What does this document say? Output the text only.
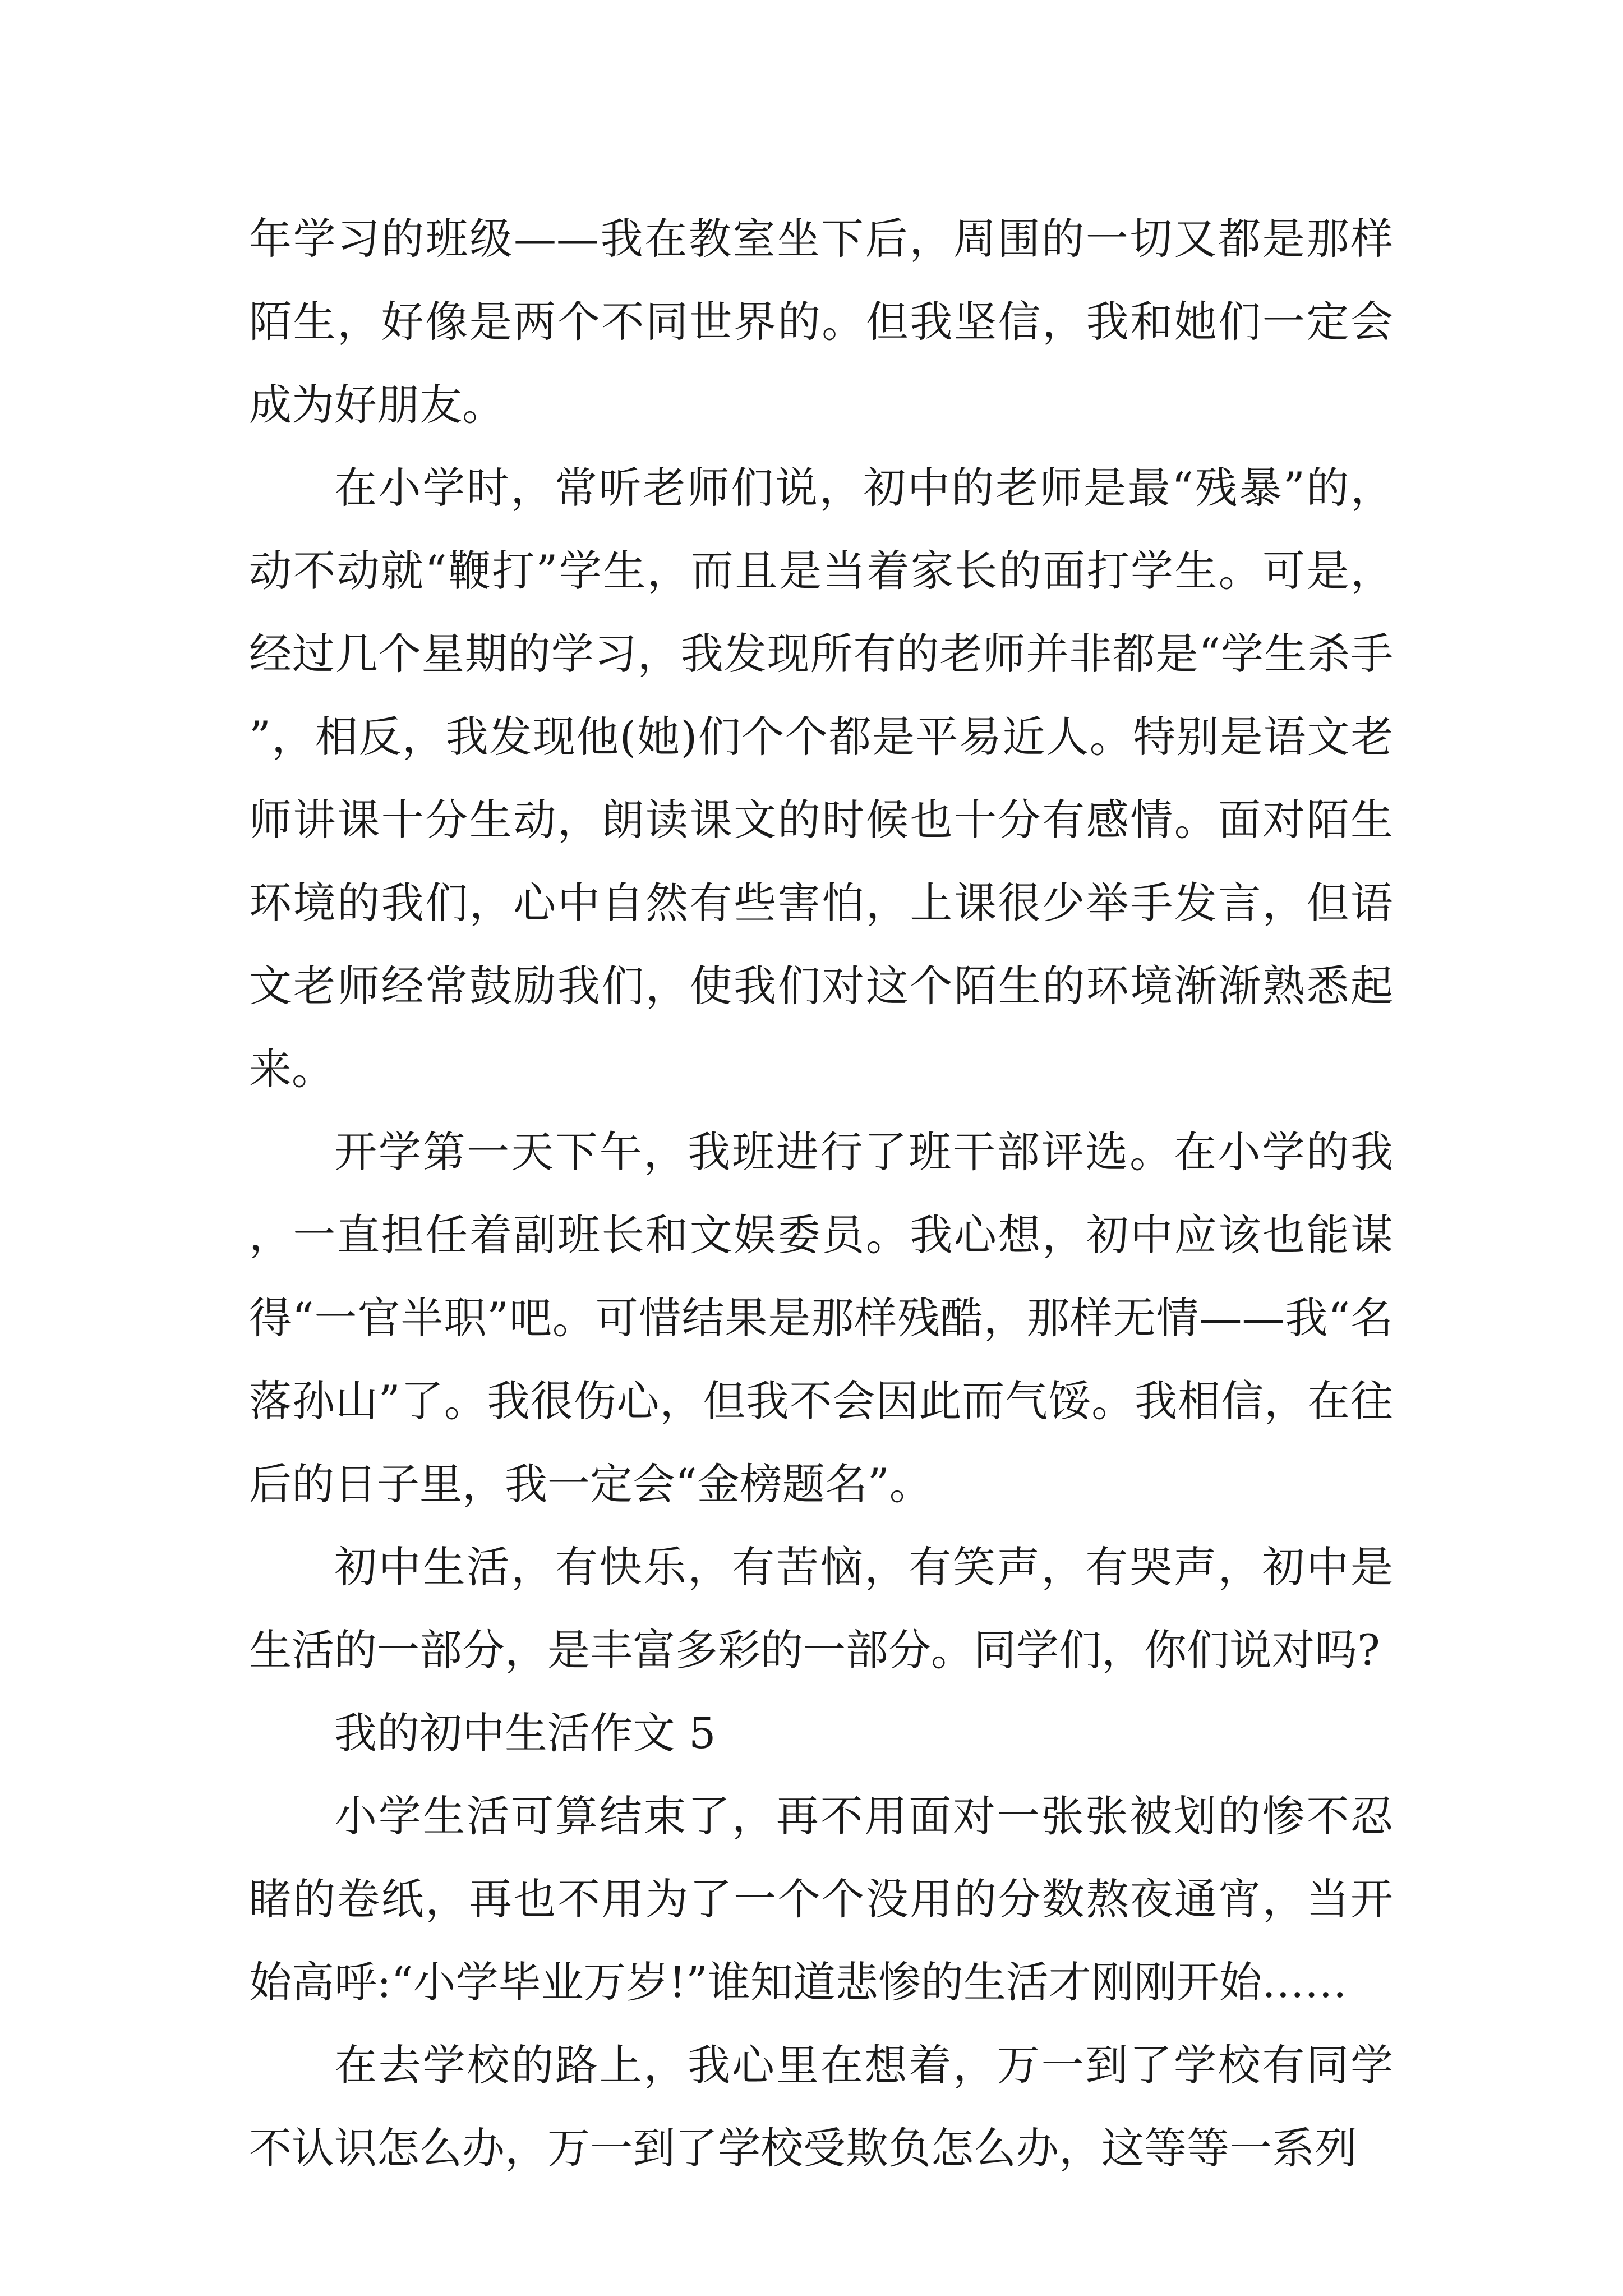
年学习的班级——我在教室坐下后，周围的一切又都是那样陌生，好像是两个不同世界的。但我坚信，我和她们一定会成为好朋友。

在小学时，常听老师们说，初中的老师是最“残暴”的，动不动就“鞭打”学生，而且是当着家长的面打学生。可是，经过几个星期的学习，我发现所有的老师并非都是“学生杀手”，相反，我发现他(她)们个个都是平易近人。特别是语文老师讲课十分生动，朗读课文的时候也十分有感情。面对陌生环境的我们，心中自然有些害怕，上课很少举手发言，但语文老师经常鼓励我们，使我们对这个陌生的环境渐渐熟悉起来。

开学第一天下午，我班进行了班干部评选。在小学的我，一直担任着副班长和文娱委员。我心想，初中应该也能谋得“一官半职”吧。可惜结果是那样残酷，那样无情——我“名落孙山”了。我很伤心，但我不会因此而气馁。我相信，在往后的日子里，我一定会“金榜题名”。

初中生活，有快乐，有苦恼，有笑声，有哭声，初中是生活的一部分，是丰富多彩的一部分。同学们，你们说对吗?

我的初中生活作文 5

小学生活可算结束了，再不用面对一张张被划的惨不忍睹的卷纸，再也不用为了一个个没用的分数熬夜通宵，当开始高呼:“小学毕业万岁!”谁知道悲惨的生活才刚刚开始……

在去学校的路上，我心里在想着，万一到了学校有同学不认识怎么办，万一到了学校受欺负怎么办，这等等一系列
